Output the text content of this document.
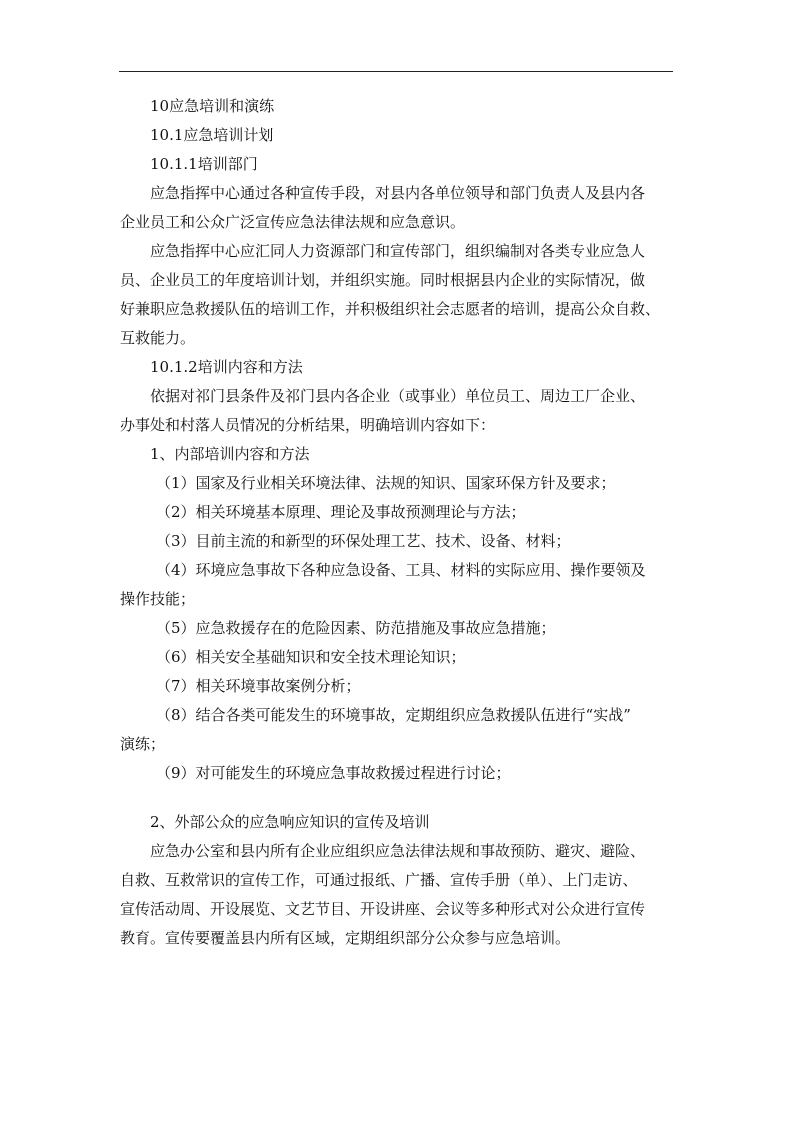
10应急培训和演练
10.1应急培训计划
10.1.1培训部门
应急指挥中心通过各种宣传手段，对县内各单位领导和部门负责人及县内各
企业员工和公众广泛宣传应急法律法规和应急意识。
应急指挥中心应汇同人力资源部门和宣传部门，组织编制对各类专业应急人
员、企业员工的年度培训计划，并组织实施。同时根据县内企业的实际情况，做
好兼职应急救援队伍的培训工作，并积极组织社会志愿者的培训，提高公众自救、
互救能力。
10.1.2培训内容和方法
依据对祁门县条件及祁门县内各企业（或事业）单位员工、周边工厂企业、
办事处和村落人员情况的分析结果，明确培训内容如下：
1、内部培训内容和方法
（1）国家及行业相关环境法律、法规的知识、国家环保方针及要求；
（2）相关环境基本原理、理论及事故预测理论与方法；
（3）目前主流的和新型的环保处理工艺、技术、设备、材料；
（4）环境应急事故下各种应急设备、工具、材料的实际应用、操作要领及
操作技能；
（5）应急救援存在的危险因素、防范措施及事故应急措施；
（6）相关安全基础知识和安全技术理论知识；
（7）相关环境事故案例分析；
（8）结合各类可能发生的环境事故，定期组织应急救援队伍进行“实战”
演练；
（9）对可能发生的环境应急事故救援过程进行讨论；
2、外部公众的应急响应知识的宣传及培训
应急办公室和县内所有企业应组织应急法律法规和事故预防、避灾、避险、
自救、互救常识的宣传工作，可通过报纸、广播、宣传手册（单）、上门走访、
宣传活动周、开设展览、文艺节目、开设讲座、会议等多种形式对公众进行宣传
教育。宣传要覆盖县内所有区域，定期组织部分公众参与应急培训。
